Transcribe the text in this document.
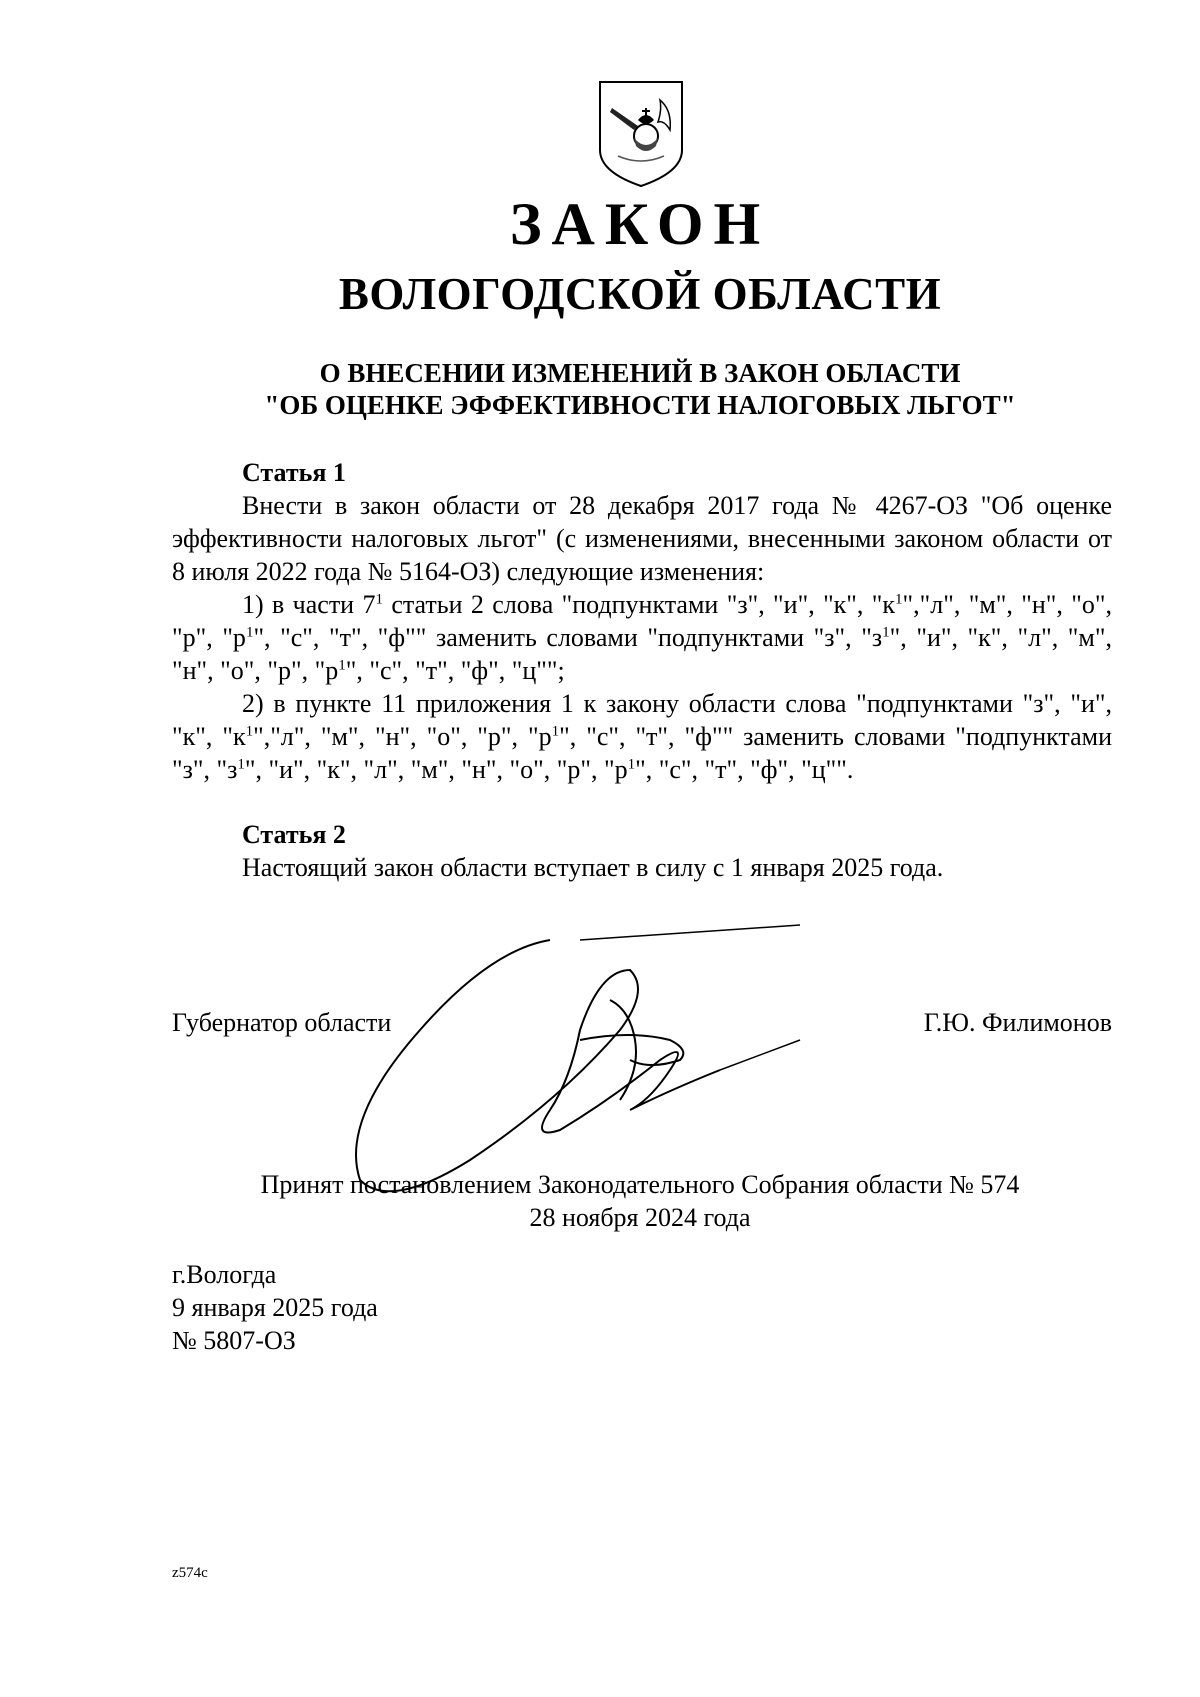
ЗАКОН
ВОЛОГОДСКОЙ ОБЛАСТИ
О ВНЕСЕНИИ ИЗМЕНЕНИЙ В ЗАКОН ОБЛАСТИ
"ОБ ОЦЕНКЕ ЭФФЕКТИВНОСТИ НАЛОГОВЫХ ЛЬГОТ"
Статья 1

Внести в закон области от 28 декабря 2017 года № 4267-ОЗ "Об оценке эффективности налоговых льгот" (с изменениями, внесенными законом области от 8 июля 2022 года № 5164-ОЗ) следующие изменения:

1) в части $7^1$ статьи 2 слова "подпунктами "з", "и", "к", "$к^1","л$", "м", "н", "о", "р", "$р^1$", "с", "т", "ф"" заменить словами "подпунктами "з", "$з^1$", "и", "к", "л", "м", "н", "о", "р", "$р^1$", "с", "т", "ф", "ц"";

2) в пункте 11 приложения 1 к закону области слова "подпунктами "з", "и", "к", "$к^1","л$", "м", "н", "о", "р", "$р^1$", "с", "т", "ф"" заменить словами "подпунктами "з", "$з^1$", "и", "к", "л", "м", "н", "о", "р", "$р^1$", "с", "т", "ф", "ц"".

Статья 2

Настоящий закон области вступает в силу с 1 января 2025 года.

Губернатор области	Г.Ю. Филимонов
Принят постановлением Законодательного Собрания области № 574
28 ноября 2024 года
г.Вологда
9 января 2025 года
№ 5807-ОЗ
z574c
